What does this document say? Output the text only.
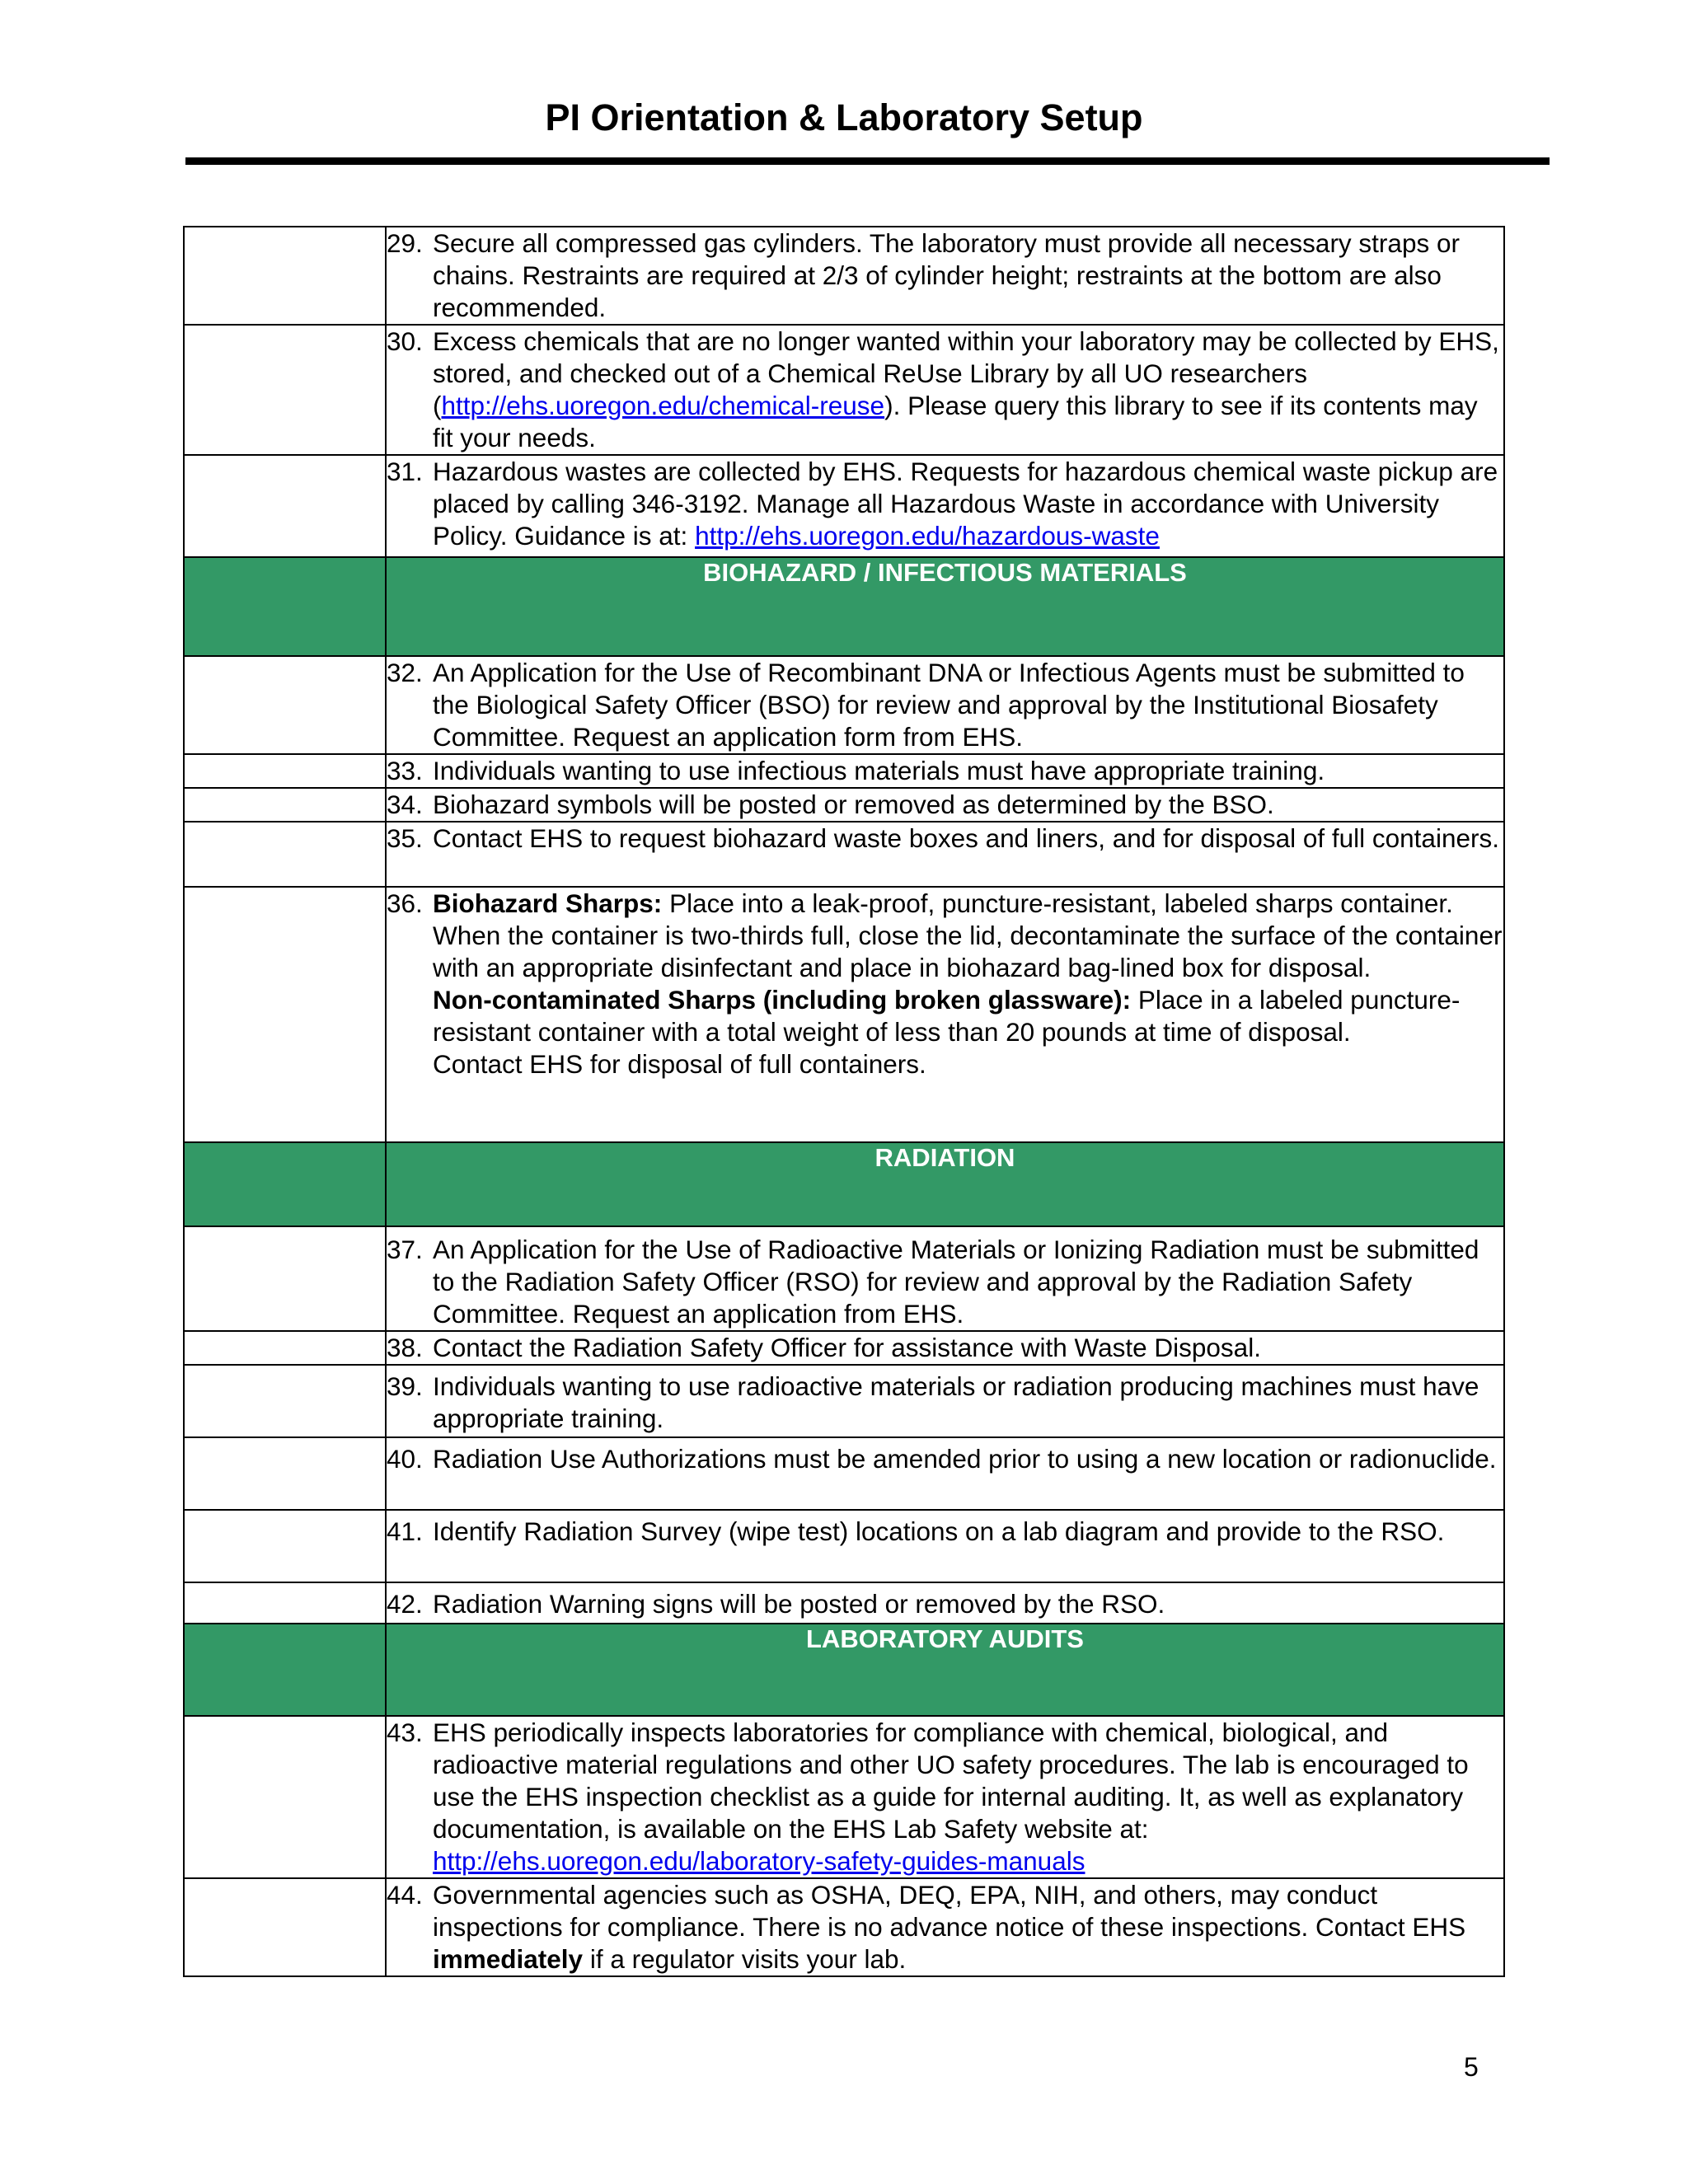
PI Orientation & Laboratory Setup

	29. Secure all compressed gas cylinders. The laboratory must provide all necessary straps or chains. Restraints are required at 2/3 of cylinder height; restraints at the bottom are also recommended.

	30. Excess chemicals that are no longer wanted within your laboratory may be collected by EHS, stored, and checked out of a Chemical ReUse Library by all UO researchers (http://ehs.uoregon.edu/chemical-reuse). Please query this library to see if its contents may fit your needs.

	31. Hazardous wastes are collected by EHS. Requests for hazardous chemical waste pickup are placed by calling 346-3192. Manage all Hazardous Waste in accordance with University Policy. Guidance is at: http://ehs.uoregon.edu/hazardous-waste

	BIOHAZARD / INFECTIOUS MATERIALS

	32. An Application for the Use of Recombinant DNA or Infectious Agents must be submitted to the Biological Safety Officer (BSO) for review and approval by the Institutional Biosafety Committee. Request an application form from EHS.

	33. Individuals wanting to use infectious materials must have appropriate training.

	34. Biohazard symbols will be posted or removed as determined by the BSO.

	35. Contact EHS to request biohazard waste boxes and liners, and for disposal of full containers.

	36. Biohazard Sharps: Place into a leak-proof, puncture-resistant, labeled sharps container. When the container is two-thirds full, close the lid, decontaminate the surface of the container with an appropriate disinfectant and place in biohazard bag-lined box for disposal.

Non-contaminated Sharps (including broken glassware): Place in a labeled puncture-resistant container with a total weight of less than 20 pounds at time of disposal.

Contact EHS for disposal of full containers.

	RADIATION

	37. An Application for the Use of Radioactive Materials or Ionizing Radiation must be submitted to the Radiation Safety Officer (RSO) for review and approval by the Radiation Safety Committee. Request an application from EHS.

	38. Contact the Radiation Safety Officer for assistance with Waste Disposal.

	39. Individuals wanting to use radioactive materials or radiation producing machines must have appropriate training.

	40. Radiation Use Authorizations must be amended prior to using a new location or radionuclide.

	41. Identify Radiation Survey (wipe test) locations on a lab diagram and provide to the RSO.

	42. Radiation Warning signs will be posted or removed by the RSO.

	LABORATORY AUDITS

	43. EHS periodically inspects laboratories for compliance with chemical, biological, and radioactive material regulations and other UO safety procedures. The lab is encouraged to use the EHS inspection checklist as a guide for internal auditing. It, as well as explanatory documentation, is available on the EHS Lab Safety website at: http://ehs.uoregon.edu/laboratory-safety-guides-manuals

	44. Governmental agencies such as OSHA, DEQ, EPA, NIH, and others, may conduct inspections for compliance. There is no advance notice of these inspections. Contact EHS immediately if a regulator visits your lab.
5
